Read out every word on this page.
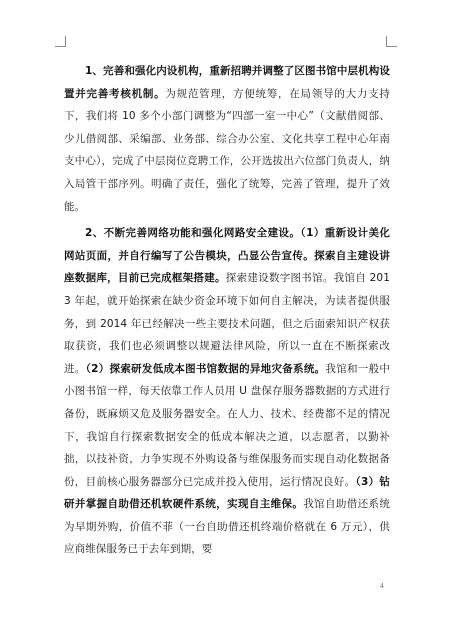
1、完善和强化内设机构，重新招聘并调整了区图书馆中层机构设置并完善考核机制。为规范管理，方便统筹，在局领导的大力支持下，我们将 10 多个小部门调整为“四部一室一中心”（文献借阅部、少儿借阅部、采编部、业务部、综合办公室、文化共享工程中心年南支中心），完成了中层岗位竞聘工作，公开选拔出六位部门负责人，纳入局管干部序列。明确了责任，强化了统筹，完善了管理，提升了效能。

2、不断完善网络功能和强化网路安全建设。（1）重新设计美化网站页面，并自行编写了公告模块，凸显公告宣传。探索自主建设讲座数据库，目前已完成框架搭建。探索建设数字图书馆。我馆自 2013 年起，就开始探索在缺少资金环境下如何自主解决，为读者提供服务，到 2014 年已经解决一些主要技术问题，但之后面索知识产权获取获资，我们也必须调整以规避法律风险，所以一直在不断探索改进。（2）探索研发低成本图书馆数据的异地灾备系统。我馆和一般中小图书馆一样，每天依靠工作人员用 U 盘保存服务器数据的方式进行备份，既麻烦又危及服务器安全。在人力、技术、经费都不足的情况下，我馆自行探索数据安全的低成本解决之道，以志愿者，以勤补拙，以技补资，力争实现不外购设备与维保服务而实现自动化数据备份，目前核心服务器部分已完成并投入使用，运行情况良好。（3）钻研并掌握自助借还机软硬件系统，实现自主维保。我馆自助借还系统为早期外购，价值不菲（一台自助借还机终端价格就在 6 万元），供应商维保服务已于去年到期，要

4
